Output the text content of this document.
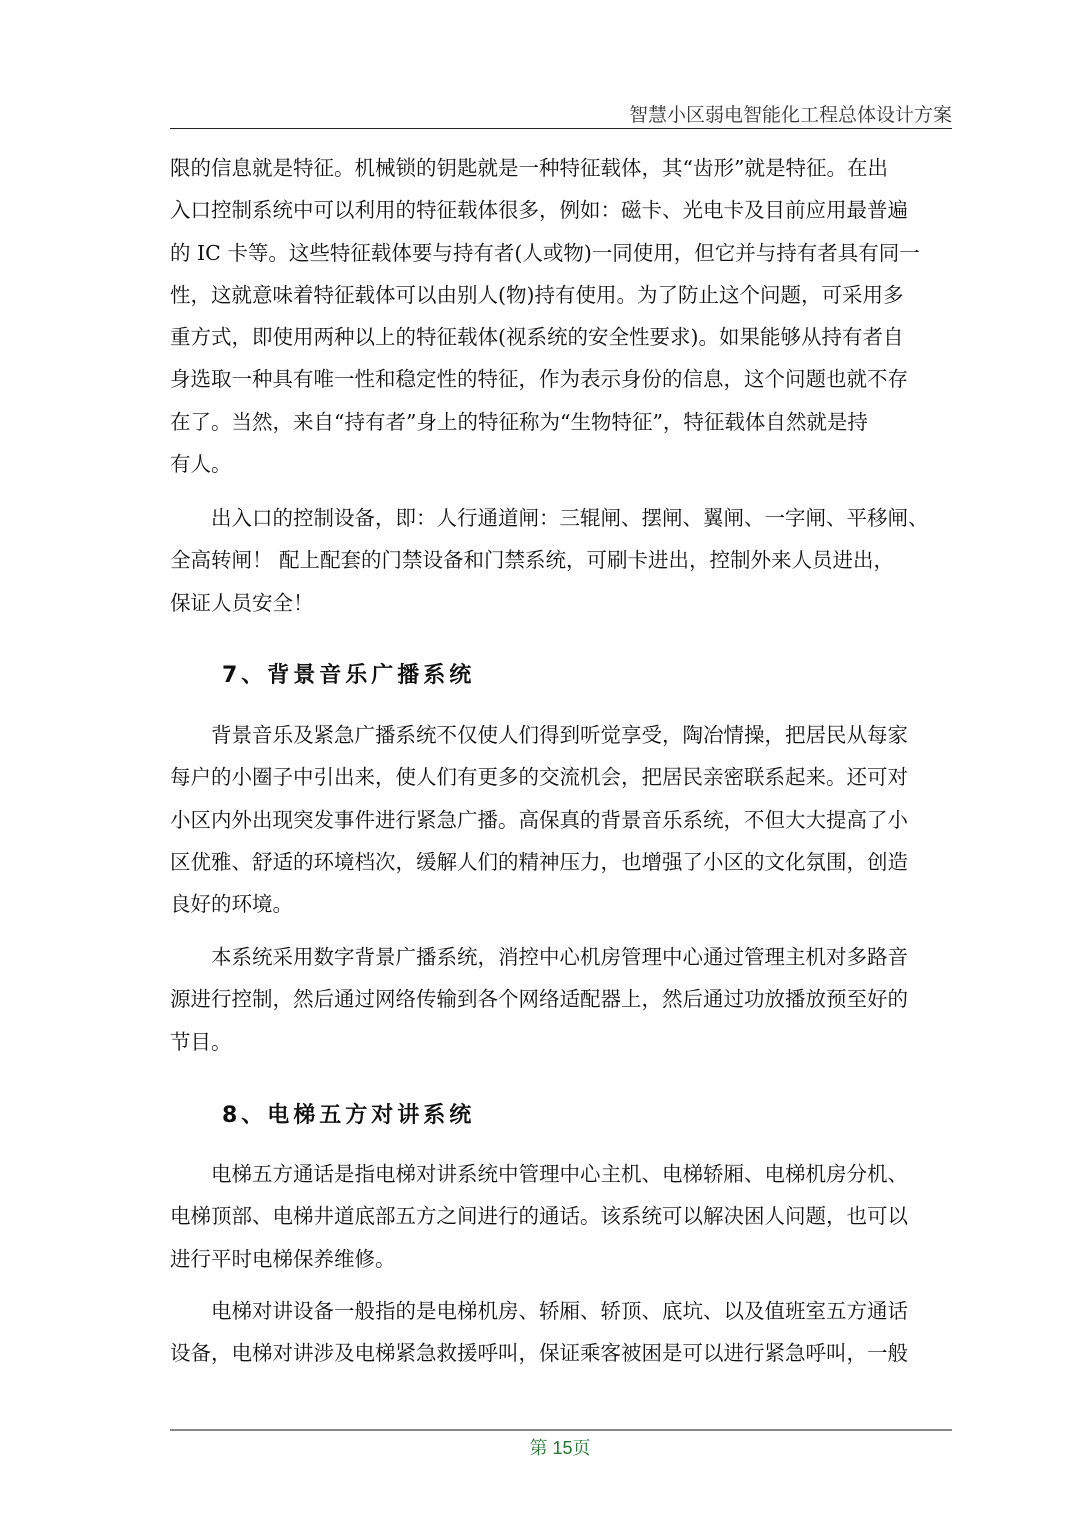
智慧小区弱电智能化工程总体设计方案
限的信息就是特征。机械锁的钥匙就是一种特征载体，其“齿形”就是特征。在出
入口控制系统中可以利用的特征载体很多，例如：磁卡、光电卡及目前应用最普遍
的 IC 卡等。这些特征载体要与持有者(人或物)一同使用，但它并与持有者具有同一
性，这就意味着特征载体可以由别人(物)持有使用。为了防止这个问题，可采用多
重方式，即使用两种以上的特征载体(视系统的安全性要求)。如果能够从持有者自
身选取一种具有唯一性和稳定性的特征，作为表示身份的信息，这个问题也就不存
在了。当然，来自“持有者”身上的特征称为“生物特征”，特征载体自然就是持
有人。
　　出入口的控制设备，即：人行通道闸：三辊闸、摆闸、翼闸、一字闸、平移闸、
全高转闸！ 配上配套的门禁设备和门禁系统，可刷卡进出，控制外来人员进出，
保证人员安全！
7、背景音乐广播系统
　　背景音乐及紧急广播系统不仅使人们得到听觉享受，陶冶情操，把居民从每家
每户的小圈子中引出来，使人们有更多的交流机会，把居民亲密联系起来。还可对
小区内外出现突发事件进行紧急广播。高保真的背景音乐系统，不但大大提高了小
区优雅、舒适的环境档次，缓解人们的精神压力，也增强了小区的文化氛围，创造
良好的环境。
　　本系统采用数字背景广播系统，消控中心机房管理中心通过管理主机对多路音
源进行控制，然后通过网络传输到各个网络适配器上，然后通过功放播放预至好的
节目。
8、电梯五方对讲系统
　　电梯五方通话是指电梯对讲系统中管理中心主机、电梯轿厢、电梯机房分机、
电梯顶部、电梯井道底部五方之间进行的通话。该系统可以解决困人问题，也可以
进行平时电梯保养维修。
　　电梯对讲设备一般指的是电梯机房、轿厢、轿顶、底坑、以及值班室五方通话
设备，电梯对讲涉及电梯紧急救援呼叫，保证乘客被困是可以进行紧急呼叫，一般
第 15页
